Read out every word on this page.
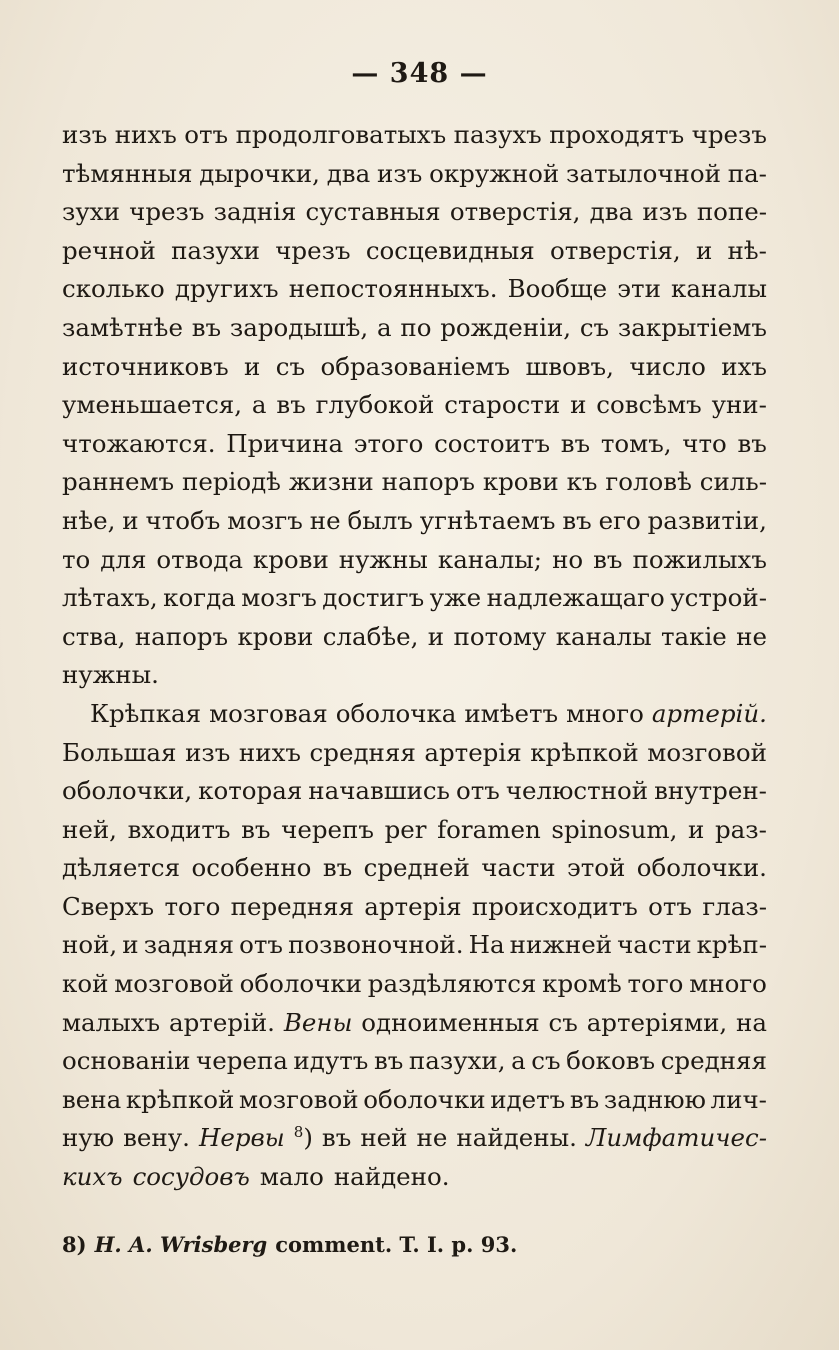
— 348 —
изъ нихъ отъ продолговатыхъ пазухъ проходятъ чрезъ
тѣмянныя дырочки, два изъ окружной затылочной па-
зухи чрезъ заднія суставныя отверстія, два изъ попе-
речной пазухи чрезъ сосцевидныя отверстія, и нѣ-
сколько другихъ непостоянныхъ. Вообще эти каналы
замѣтнѣе въ зародышѣ, а по рожденіи, съ закрытіемъ
источниковъ и съ образованіемъ швовъ, число ихъ
уменьшается, а въ глубокой старости и совсѣмъ уни-
чтожаются. Причина этого состоитъ въ томъ, что въ
раннемъ періодѣ жизни напоръ крови къ головѣ силь-
нѣе, и чтобъ мозгъ не былъ угнѣтаемъ въ его развитіи,
то для отвода крови нужны каналы; но въ пожилыхъ
лѣтахъ, когда мозгъ достигъ уже надлежащаго устрой-
ства, напоръ крови слабѣе, и потому каналы такіе не
нужны.
Крѣпкая мозговая оболочка имѣетъ много артерій.
Большая изъ нихъ средняя артерія крѣпкой мозговой
оболочки, которая начавшись отъ челюстной внутрен-
ней, входитъ въ черепъ per foramen spinosum, и раз-
дѣляется особенно въ средней части этой оболочки.
Сверхъ того передняя артерія происходитъ отъ глаз-
ной, и задняя отъ позвоночной. На нижней части крѣп-
кой мозговой оболочки раздѣляются кромѣ того много
малыхъ артерій. Вены одноименныя съ артеріями, на
основаніи черепа идутъ въ пазухи, а съ боковъ средняя
вена крѣпкой мозговой оболочки идетъ въ заднюю лич-
ную вену. Нервы $^8$) въ ней не найдены. Лимфатичес-
кихъ сосудовъ мало найдено.
8) H. A. Wrisberg comment. T. I. p. 93.
